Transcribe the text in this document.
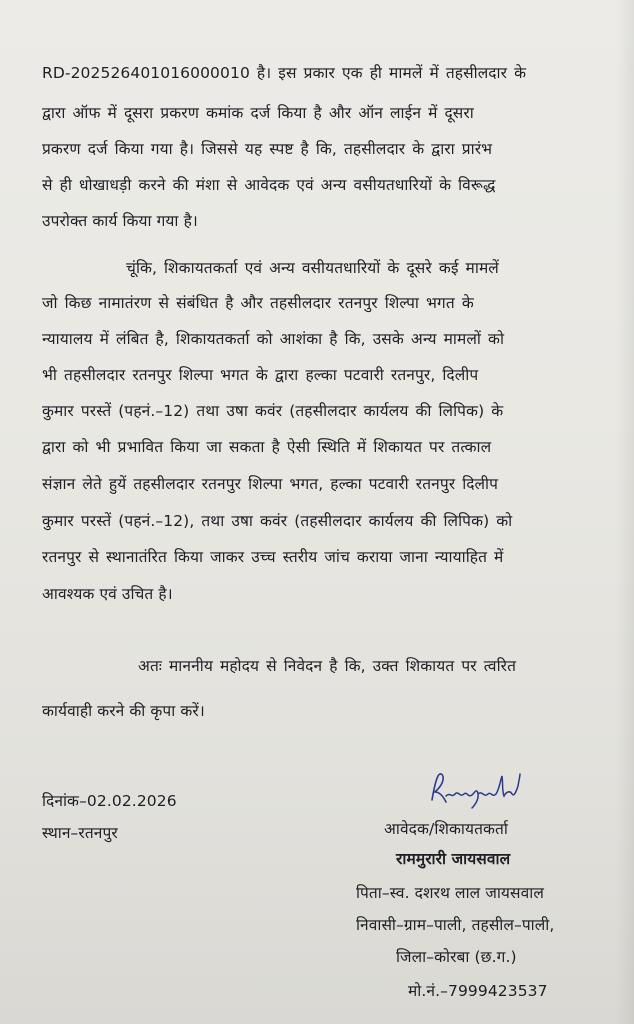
RD-202526401016000010 है। इस प्रकार एक ही मामलें में तहसीलदार के
द्वारा ऑफ में दूसरा प्रकरण कमांक दर्ज किया है और ऑन लाईन में दूसरा
प्रकरण दर्ज किया गया है। जिससे यह स्पष्ट है कि, तहसीलदार के द्वारा प्रारंभ
से ही धोखाधड़ी करने की मंशा से आवेदक एवं अन्य वसीयतधारियों के विरूद्ध
उपरोक्त कार्य किया गया है।
चूंकि, शिकायतकर्ता एवं अन्य वसीयतधारियों के दूसरे कई मामलें
जो किछ नामातंरण से संबंधित है और तहसीलदार रतनपुर शिल्पा भगत के
न्यायालय में लंबित है, शिकायतकर्ता को आशंका है कि, उसके अन्य मामलों को
भी तहसीलदार रतनपुर शिल्पा भगत के द्वारा हल्का पटवारी रतनपुर, दिलीप
कुमार परस्तें (पहनं.–12) तथा उषा कवंर (तहसीलदार कार्यलय की लिपिक) के
द्वारा को भी प्रभावित किया जा सकता है ऐसी स्थिति में शिकायत पर तत्काल
संज्ञान लेते हुयें तहसीलदार रतनपुर शिल्पा भगत, हल्का पटवारी रतनपुर दिलीप
कुमार परस्तें (पहनं.–12), तथा उषा कवंर (तहसीलदार कार्यलय की लिपिक) को
रतनपुर से स्थानातंरित किया जाकर उच्च स्तरीय जांच कराया जाना न्यायाहित में
आवश्यक एवं उचित है।
अतः माननीय महोदय से निवेदन है कि, उक्त शिकायत पर त्वरित
कार्यवाही करने की कृपा करें।
दिनांक–02.02.2026
स्थान–रतनपुर	आवेदक/शिकायतकर्ता
राममुरारी जायसवाल
पिता–स्व. दशरथ लाल जायसवाल
निवासी–ग्राम–पाली, तहसील–पाली,
जिला–कोरबा (छ.ग.)
मो.नं.–7999423537
